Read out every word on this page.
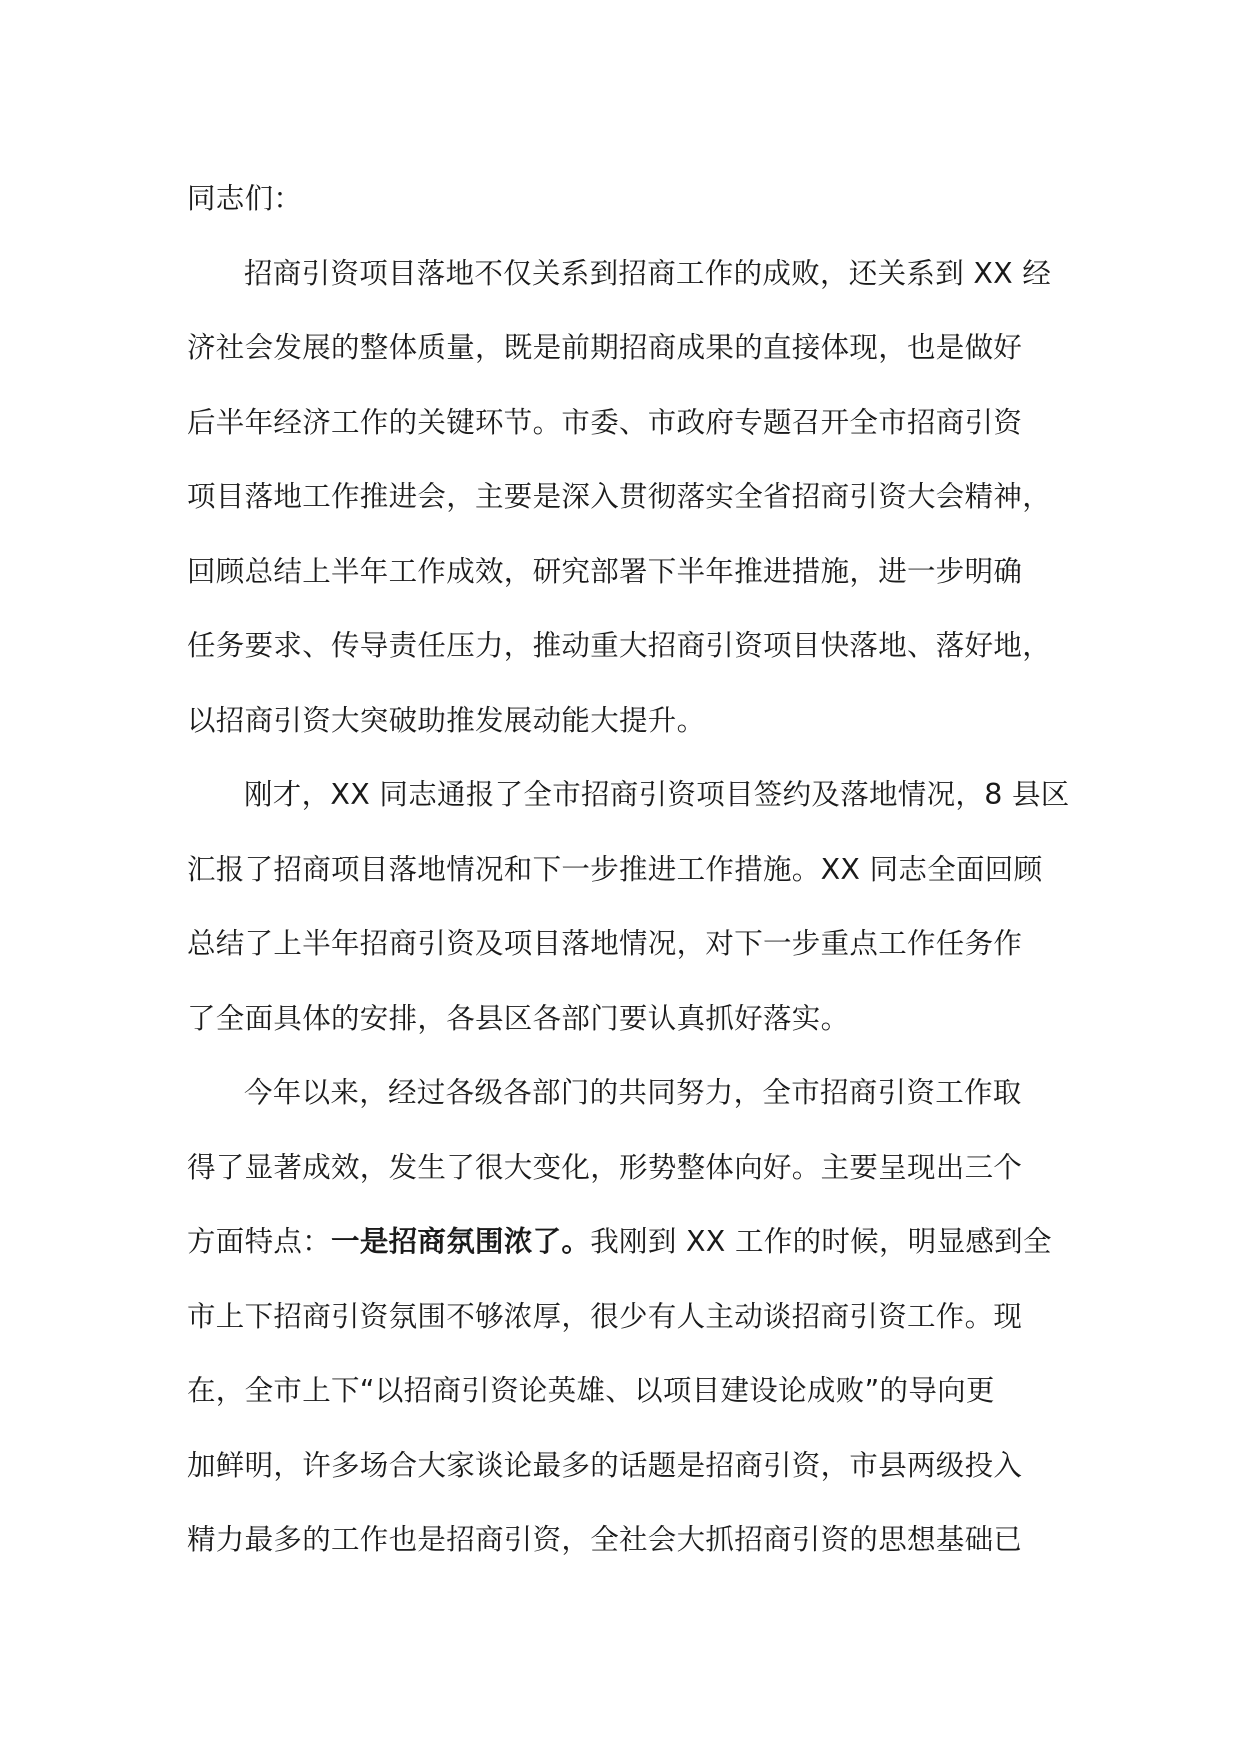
同志们：

招商引资项目落地不仅关系到招商工作的成败，还关系到 XX 经
济社会发展的整体质量，既是前期招商成果的直接体现，也是做好
后半年经济工作的关键环节。市委、市政府专题召开全市招商引资
项目落地工作推进会，主要是深入贯彻落实全省招商引资大会精神，
回顾总结上半年工作成效，研究部署下半年推进措施，进一步明确
任务要求、传导责任压力，推动重大招商引资项目快落地、落好地，
以招商引资大突破助推发展动能大提升。
刚才，XX 同志通报了全市招商引资项目签约及落地情况，8 县区
汇报了招商项目落地情况和下一步推进工作措施。XX 同志全面回顾
总结了上半年招商引资及项目落地情况，对下一步重点工作任务作
了全面具体的安排，各县区各部门要认真抓好落实。
今年以来，经过各级各部门的共同努力，全市招商引资工作取
得了显著成效，发生了很大变化，形势整体向好。主要呈现出三个
方面特点：一是招商氛围浓了。我刚到 XX 工作的时候，明显感到全
市上下招商引资氛围不够浓厚，很少有人主动谈招商引资工作。现
在，全市上下“以招商引资论英雄、以项目建设论成败”的导向更
加鲜明，许多场合大家谈论最多的话题是招商引资，市县两级投入
精力最多的工作也是招商引资，全社会大抓招商引资的思想基础已
